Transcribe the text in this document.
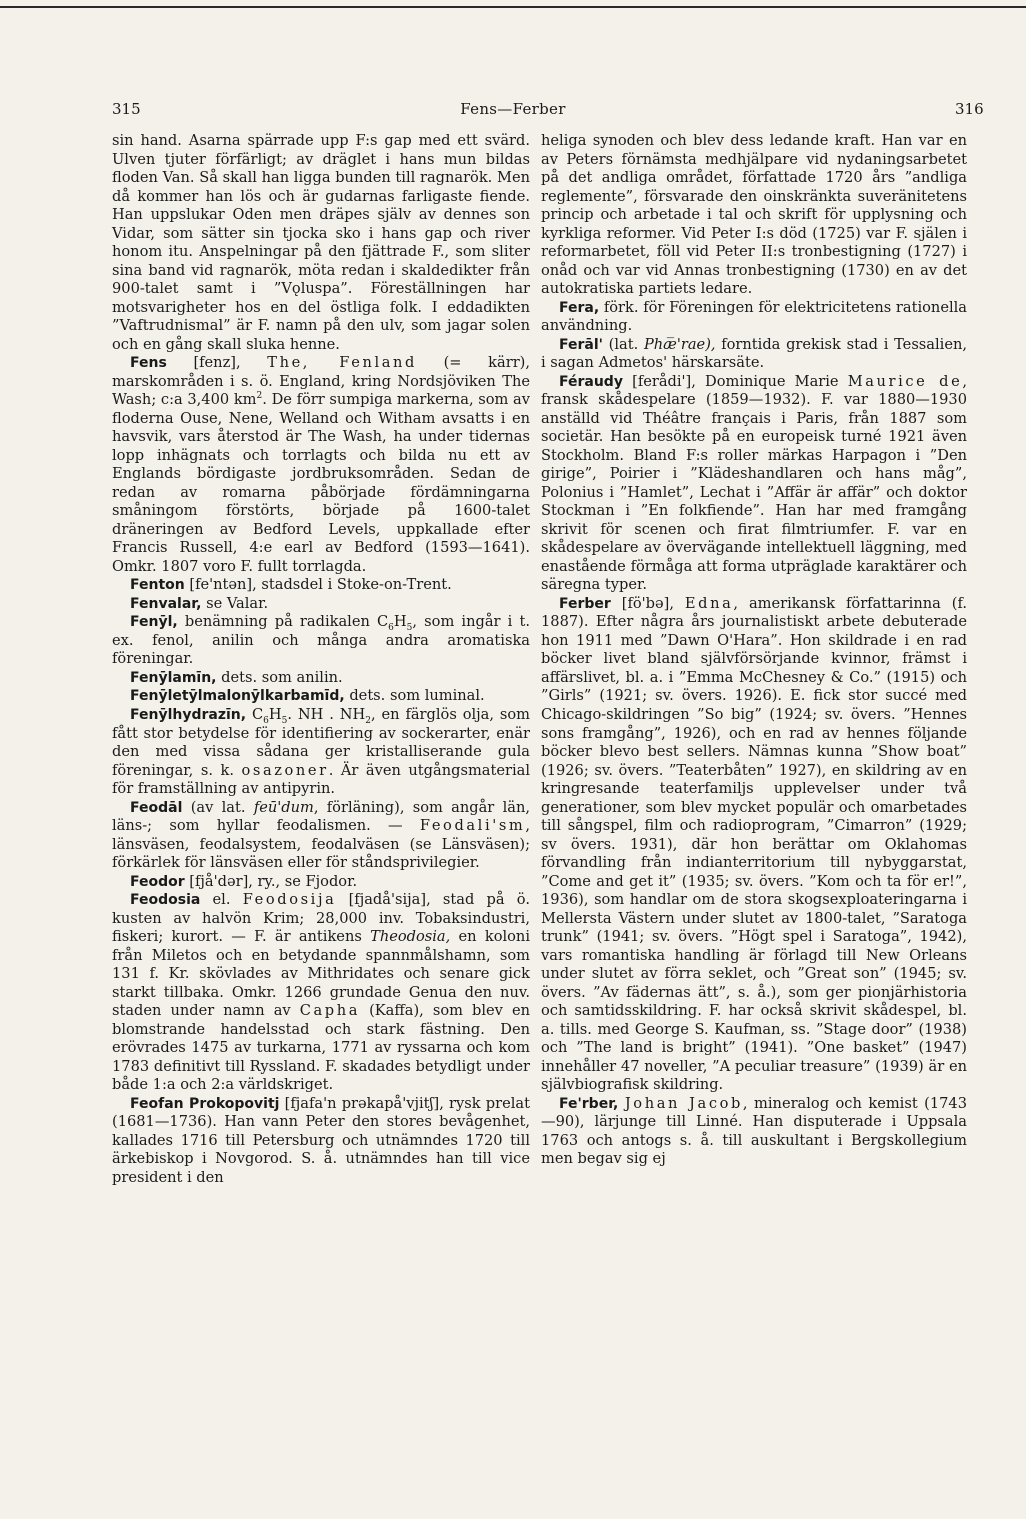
315	Fens—Ferber	316

sin hand. Asarna spärrade upp F:s gap med ett svärd. Ulven tjuter förfärligt; av dräglet i hans mun bildas floden Van. Så skall han ligga bunden till ragnarök. Men då kommer han lös och är gudarnas farligaste fiende. Han uppslukar Oden men dräpes själv av dennes son Vidar, som sätter sin tjocka sko i hans gap och river honom itu. Anspelningar på den fjättrade F., som sliter sina band vid ragnarök, möta redan i skaldedikter från 900-talet samt i ”Vǫluspa”. Föreställningen har motsvarigheter hos en del östliga folk. I eddadikten ”Vaftrudnismal” är F. namn på den ulv, som jagar solen och en gång skall sluka henne.

Fens [fenz], The, Fenland (= kärr), marskområden i s. ö. England, kring Nordsjöviken The Wash; c:a 3,400 $km^2$. De förr sumpiga markerna, som av floderna Ouse, Nene, Welland och Witham avsatts i en havsvik, vars återstod är The Wash, ha under tidernas lopp inhägnats och torrlagts och bilda nu ett av Englands bördigaste jordbruksområden. Sedan de redan av romarna påbörjade fördämningarna småningom förstörts, började på 1600-talet dräneringen av Bedford Levels, uppkallade efter Francis Russell, 4:e earl av Bedford (1593—1641). Omkr. 1807 voro F. fullt torrlagda.

Fenton [fe'ntən], stadsdel i Stoke-on-Trent.

Fenvalar, se Valar.

Fenȳl, benämning på radikalen $C_6H_5$, som ingår i t. ex. fenol, anilin och många andra aromatiska föreningar.

Fenȳlamīn, dets. som anilin.

Fenȳletȳlmalonȳlkarbamīd, dets. som luminal.

Fenȳlhydrazīn, $C_6H_5$. NH . $NH_2$, en färglös olja, som fått stor betydelse för identifiering av sockerarter, enär den med vissa sådana ger kristalliserande gula föreningar, s. k. osazoner. Är även utgångsmaterial för framställning av antipyrin.

Feodāl (av lat. feū'dum, förläning), som angår län, läns-; som hyllar feodalismen. — Feodali'sm, länsväsen, feodalsystem, feodalväsen (se Länsväsen); förkärlek för länsväsen eller för ståndsprivilegier.

Feodor [fjå'dər], ry., se Fjodor.

Feodosia el. Feodosija [fjadå'sija], stad på ö. kusten av halvön Krim; 28,000 inv. Tobaksindustri, fiskeri; kurort. — F. är antikens Theodosia, en koloni från Miletos och en betydande spannmålshamn, som 131 f. Kr. skövlades av Mithridates och senare gick starkt tillbaka. Omkr. 1266 grundade Genua den nuv. staden under namn av Capha (Kaffa), som blev en blomstrande handelsstad och stark fästning. Den erövrades 1475 av turkarna, 1771 av ryssarna och kom 1783 definitivt till Ryssland. F. skadades betydligt under både 1:a och 2:a världskriget.

Feofan Prokopovitj [fjafa'n prəkapå'vjitʃ], rysk prelat (1681—1736). Han vann Peter den stores bevågenhet, kallades 1716 till Petersburg och utnämndes 1720 till ärkebiskop i Novgorod. S. å. utnämndes han till vice president i den

heliga synoden och blev dess ledande kraft. Han var en av Peters förnämsta medhjälpare vid nydaningsarbetet på det andliga området, författade 1720 års ”andliga reglemente”, försvarade den oinskränkta suveränitetens princip och arbetade i tal och skrift för upplysning och kyrkliga reformer. Vid Peter I:s död (1725) var F. själen i reformarbetet, föll vid Peter II:s tronbestigning (1727) i onåd och var vid Annas tronbestigning (1730) en av det autokratiska partiets ledare.

Fera, förk. för Föreningen för elektricitetens rationella användning.

Ferāl' (lat. Phæ̅'rae), forntida grekisk stad i Tessalien, i sagan Admetos' härskarsäte.

Féraudy [ferådi'], Dominique Marie Maurice de, fransk skådespelare (1859—1932). F. var 1880—1930 anställd vid Théâtre français i Paris, från 1887 som societär. Han besökte på en europeisk turné 1921 även Stockholm. Bland F:s roller märkas Harpagon i ”Den girige”, Poirier i ”Klädeshandlaren och hans måg”, Polonius i ”Hamlet”, Lechat i ”Affär är affär” och doktor Stockman i ”En folkfiende”. Han har med framgång skrivit för scenen och firat filmtriumfer. F. var en skådespelare av övervägande intellektuell läggning, med enastående förmåga att forma utpräglade karaktärer och säregna typer.

Ferber [fö'bə], Edna, amerikansk författarinna (f. 1887). Efter några års journalistiskt arbete debuterade hon 1911 med ”Dawn O'Hara”. Hon skildrade i en rad böcker livet bland självförsörjande kvinnor, främst i affärslivet, bl. a. i ”Emma McChesney & Co.” (1915) och ”Girls” (1921; sv. övers. 1926). E. fick stor succé med Chicago-skildringen ”So big” (1924; sv. övers. ”Hennes sons framgång”, 1926), och en rad av hennes följande böcker blevo best sellers. Nämnas kunna ”Show boat” (1926; sv. övers. ”Teaterbåten” 1927), en skildring av en kringresande teaterfamiljs upplevelser under två generationer, som blev mycket populär och omarbetades till sångspel, film och radioprogram, ”Cimarron” (1929; sv övers. 1931), där hon berättar om Oklahomas förvandling från indianterritorium till nybyggarstat, ”Come and get it” (1935; sv. övers. ”Kom och ta för er!”, 1936), som handlar om de stora skogsexploateringarna i Mellersta Västern under slutet av 1800-talet, ”Saratoga trunk” (1941; sv. övers. ”Högt spel i Saratoga”, 1942), vars romantiska handling är förlagd till New Orleans under slutet av förra seklet, och ”Great son” (1945; sv. övers. ”Av fädernas ätt”, s. å.), som ger pionjärhistoria och samtidsskildring. F. har också skrivit skådespel, bl. a. tills. med George S. Kaufman, ss. ”Stage door” (1938) och ”The land is bright” (1941). ”One basket” (1947) innehåller 47 noveller, ”A peculiar treasure” (1939) är en självbiografisk skildring.

Fe'rber, Johan Jacob, mineralog och kemist (1743—90), lärjunge till Linné. Han disputerade i Uppsala 1763 och antogs s. å. till auskultant i Bergskollegium men begav sig ej
